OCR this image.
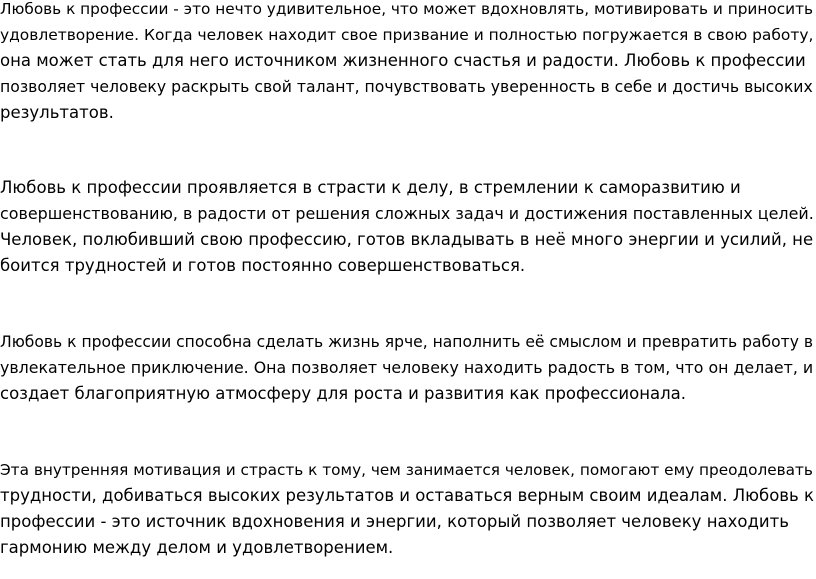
Любовь к профессии - это нечто удивительное, что может вдохновлять, мотивировать и приносить
удовлетворение. Когда человек находит свое призвание и полностью погружается в свою работу,
она может стать для него источником жизненного счастья и радости. Любовь к профессии
позволяет человеку раскрыть свой талант, почувствовать уверенность в себе и достичь высоких
результатов.
Любовь к профессии проявляется в страсти к делу, в стремлении к саморазвитию и
совершенствованию, в радости от решения сложных задач и достижения поставленных целей.
Человек, полюбивший свою профессию, готов вкладывать в неё много энергии и усилий, не
боится трудностей и готов постоянно совершенствоваться.
Любовь к профессии способна сделать жизнь ярче, наполнить её смыслом и превратить работу в
увлекательное приключение. Она позволяет человеку находить радость в том, что он делает, и
создает благоприятную атмосферу для роста и развития как профессионала.
Эта внутренняя мотивация и страсть к тому, чем занимается человек, помогают ему преодолевать
трудности, добиваться высоких результатов и оставаться верным своим идеалам. Любовь к
профессии - это источник вдохновения и энергии, который позволяет человеку находить
гармонию между делом и удовлетворением.
